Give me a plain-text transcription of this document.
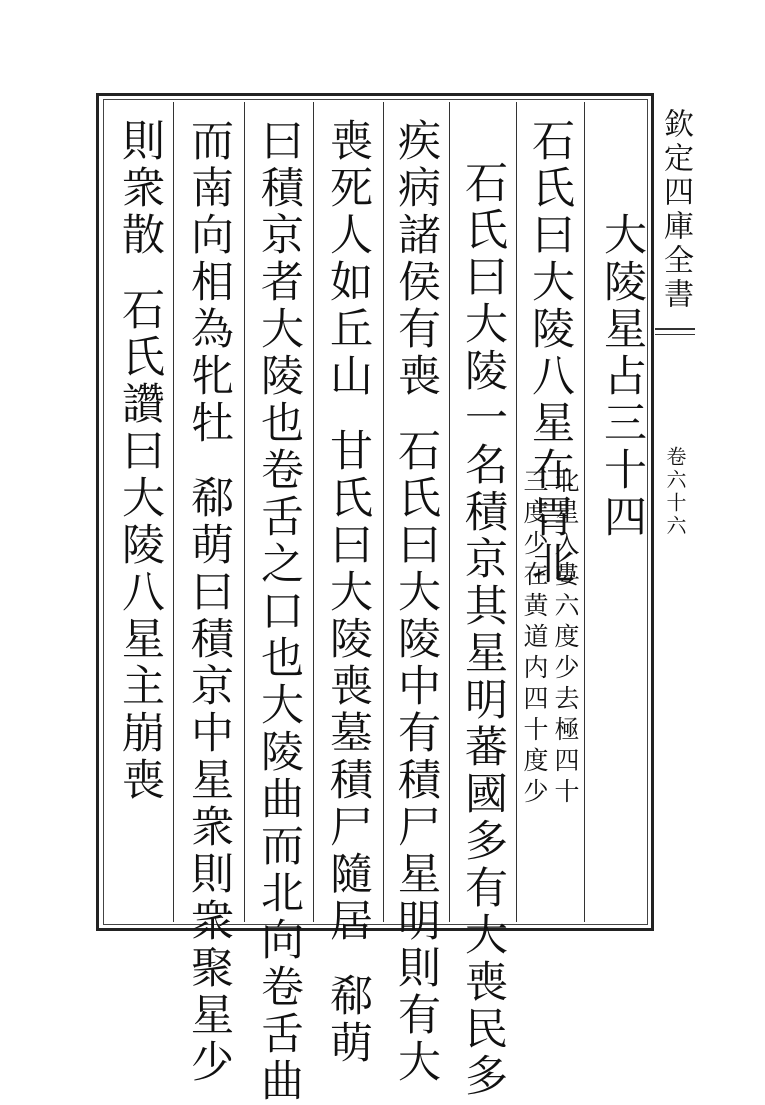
欽定四庫全書
卷六十六
大陵星占三十四
石氏曰大陵八星在胃北
北星入婁六度少去極四十
三度少在黄道内四十度少
石氏曰大陵一名積京其星明蕃國多有大喪民多
疾病諸侯有喪石氏曰大陵中有積尸星明則有大
喪死人如丘山甘氏曰大陵喪墓積尸隨居郗萌
曰積京者大陵也卷舌之口也大陵曲而北向卷舌曲
而南向相為牝牡郗萌曰積京中星衆則衆聚星少
則衆散石氏讚曰大陵八星主崩喪
